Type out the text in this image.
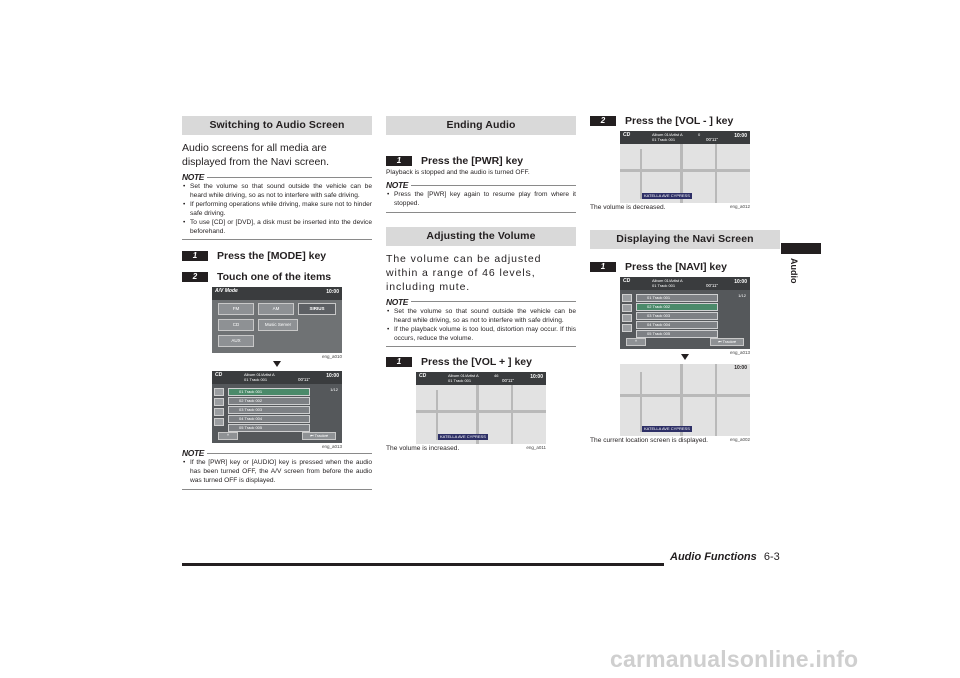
Switching to Audio Screen

Audio screens for all media are displayed from the Navi screen.

NOTE
• Set the volume so that sound outside the vehicle can be heard while driving, so as not to interfere with safe driving.
• If performing operations while driving, make sure not to hinder safe driving.
• To use [CD] or [DVD], a disk must be inserted into the device beforehand.
1	Press the [MODE] key
2	Touch one of the items
A/V Mode	10:00
FM	AM	SIRIUS
CD	Music Server
AUX
eng_a010
CD	Album 01/Artist A
01 Track 001	00'11"
10:00
01 Track 001
02 Track 002
03 Track 003
04 Track 004
05 Track 005
1/12
^	⏮ Track⏭
eng_a013
NOTE
• If the [PWR] key or [AUDIO] key is pressed when the audio has been turned OFF, the A/V screen from before the audio was turned OFF is displayed.
Ending Audio
1	Press the [PWR] key

Playback is stopped and the audio is turned OFF.

NOTE
• Press the [PWR] key again to resume play from where it stopped.
Adjusting the Volume

The volume can be adjusted within a range of 46 levels, including mute.

NOTE
• Set the volume so that sound outside the vehicle can be heard while driving, so as not to interfere with safe driving.
• If the playback volume is too loud, distortion may occur. If this occurs, reduce the volume.
1	Press the [VOL + ] key
CD	Album 01/Artist A
01 Track 001	00'11"
46	10:00
KATELLA AVE CYPRESS
eng_a011

The volume is increased.

2	Press the [VOL - ] key
CD	Album 01/Artist A
01 Track 001	00'11"
0	10:00
KATELLA AVE CYPRESS
eng_a012

The volume is decreased.

Displaying the Navi Screen
1	Press the [NAVI] key
CD	Album 01/Artist A
01 Track 001	00'11"
10:00
01 Track 001
02 Track 002
03 Track 003
04 Track 004
05 Track 005
1/12
^	⏮ Track⏭
eng_a013
10:00
KATELLA AVE CYPRESS
eng_a002

The current location screen is displayed.

Audio
Audio Functions 6-3
carmanualsonline.info
